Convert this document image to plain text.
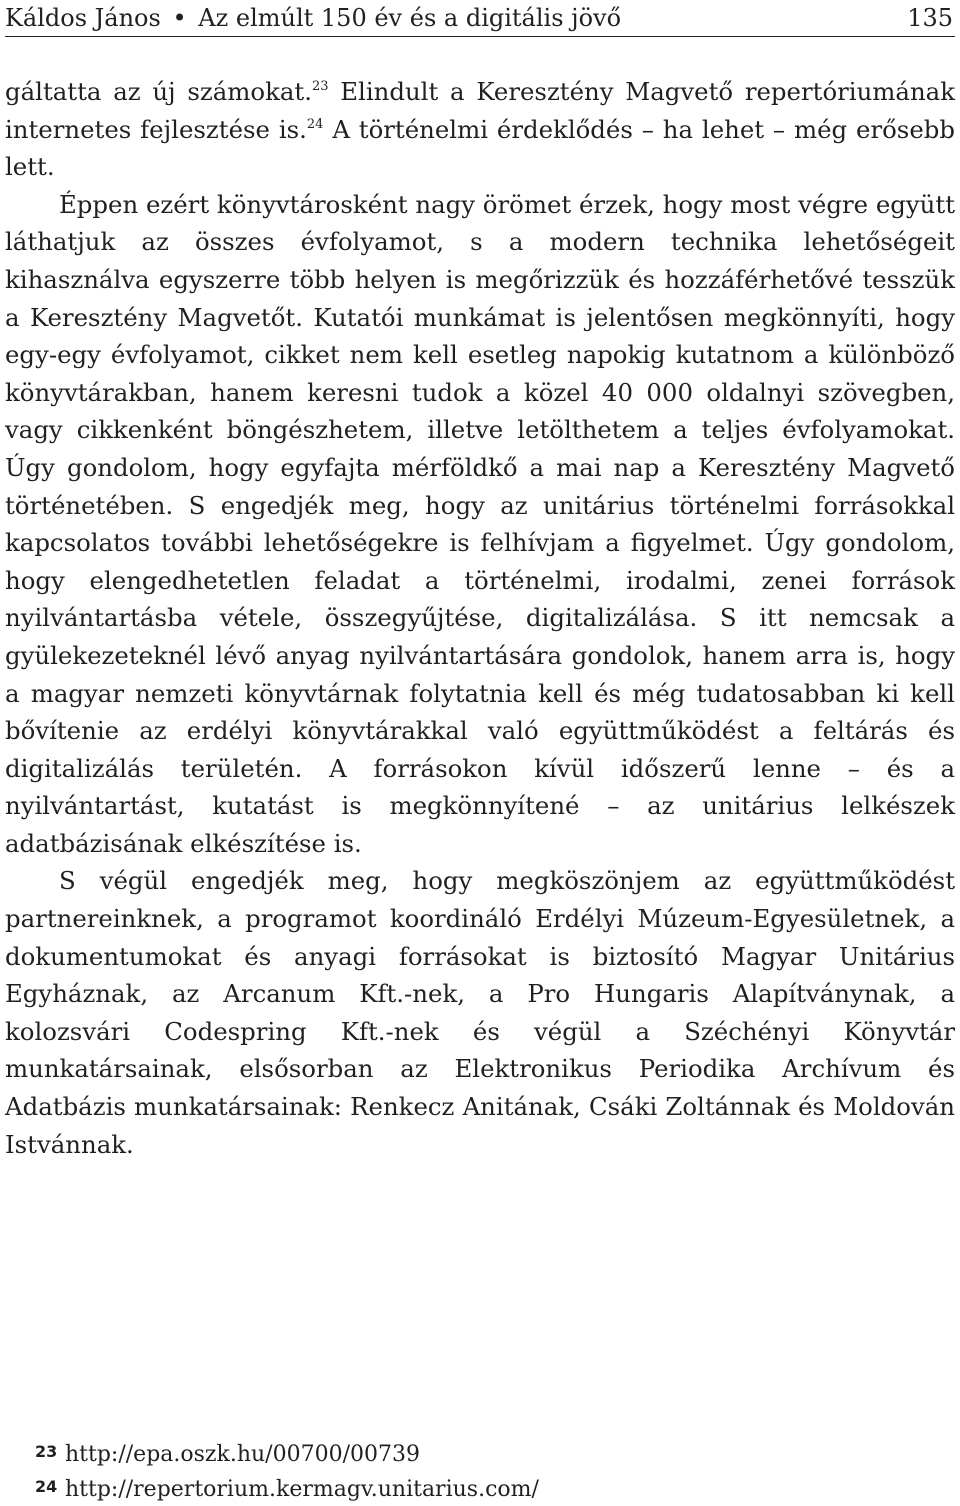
Káldos János • Az elmúlt 150 év és a digitális jövő	135

gáltatta az új számokat.$^{23}$ Elindult a Keresztény Magvető repertóriumának internetes fejlesztése is.$^{24}$ A történelmi érdeklődés – ha lehet – még erősebb lett.

Éppen ezért könyvtárosként nagy örömet érzek, hogy most végre együtt láthatjuk az összes évfolyamot, s a modern technika lehetőségeit kihasználva egyszerre több helyen is megőrizzük és hozzáférhetővé tesszük a Keresztény Magvetőt. Kutatói munkámat is jelentősen megkönnyíti, hogy egy-egy évfolyamot, cikket nem kell esetleg napokig kutatnom a különböző könyvtárakban, hanem keresni tudok a közel 40 000 oldalnyi szövegben, vagy cikkenként böngészhetem, illetve letölthetem a teljes évfolyamokat. Úgy gondolom, hogy egyfajta mérföldkő a mai nap a Keresztény Magvető történetében. S engedjék meg, hogy az unitárius történelmi forrásokkal kapcsolatos további lehetőségekre is felhívjam a figyelmet. Úgy gondolom, hogy elengedhetetlen feladat a történelmi, irodalmi, zenei források nyilvántartásba vétele, összegyűjtése, digitalizálása. S itt nemcsak a gyülekezeteknél lévő anyag nyilvántartására gondolok, hanem arra is, hogy a magyar nemzeti könyvtárnak folytatnia kell és még tudatosabban ki kell bővítenie az erdélyi könyvtárakkal való együttműködést a feltárás és digitalizálás területén. A forrásokon kívül időszerű lenne – és a nyilvántartást, kutatást is megkönnyítené – az unitárius lelkészek adatbázisának elkészítése is.

S végül engedjék meg, hogy megköszönjem az együttműködést partnereinknek, a programot koordináló Erdélyi Múzeum-Egyesületnek, a dokumentumokat és anyagi forrásokat is biztosító Magyar Unitárius Egyháznak, az Arcanum Kft.-nek, a Pro Hungaris Alapítványnak, a kolozsvári Codespring Kft.-nek és végül a Széchényi Könyvtár munkatársainak, elsősorban az Elektronikus Periodika Archívum és Adatbázis munkatársainak: Renkecz Anitának, Csáki Zoltánnak és Moldován Istvánnak.

23 http://epa.oszk.hu/00700/00739
24 http://repertorium.kermagv.unitarius.com/
